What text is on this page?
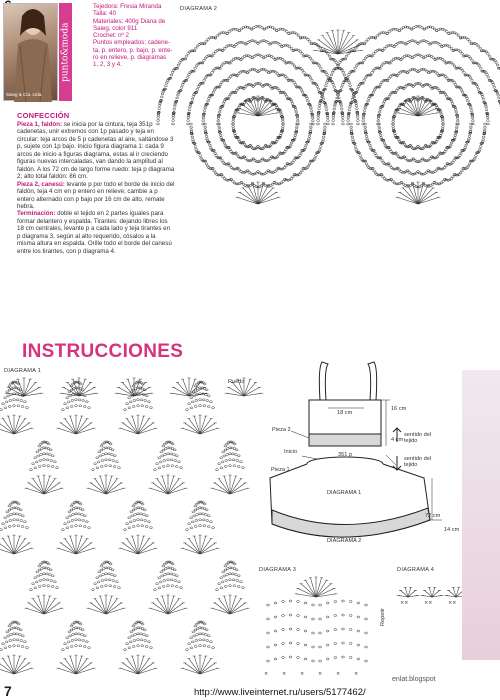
Saieg & Cía. Ltda.
punto&moda
Tejedora: Fresia Miranda
Talla: 40
Materiales: 400g Diana de
Saieg, color 911
Crochet: nº 2
Puntos empleados: cadene-
ta, p. entero, p. bajo, p. ente-
ro en relieve, p. diagramas
1, 2, 3 y 4.
CONFECCIÓN

Pieza 1, faldón: se inicia por la cintura, teja 351p cadenetas, unir extremos con 1p pasado y teja en circular: teja arcos de 5 p cadenetas al aire, saltándose 3 p, sujete con 1p bajo. Inicio figura diagrama 1: cada 9 arcos de inicio a figuras diagrama, estas al ir creciendo figuras nuevas intercaladas, van dando la amplitud al faldón. A los 72 cm de largo forme ruedo: teja p diagrama 2; alto total faldón: 86 cm.

Pieza 2, canesú: levante p por todo el borde de inicio del faldón, teja 4 cm en p entero en relieve; cambie a p entero alternado con p bajo por 16 cm de alto, remate hebra.

Terminación: doble el tejido en 2 partes iguales para formar delantero y espalda. Tirantes: dejando libres los 18 cm centrales, levante p a cada lado y teja tirantes en p diagrama 3, según al alto requerido, cósalos a la misma altura en espalda. Orille todo el borde del canesú entre los tirantes, con p diagrama 4.

DIAGRAMA 2
INSTRUCCIONES
DIAGRAMA 1
Ruedo
18 cm
16 cm
4 cm
Pieza 2
Inicio	351 p
Pieza 1
sentido del tejido
sentido del tejido
DIAGRAMA 1
DIAGRAMA 2
72 cm
14 cm
DIAGRAMA 3
×	×	×	×	×	×
Repetir
DIAGRAMA 4
××	××	××
7
enlat.blogspot
http://www.liveinternet.ru/users/5177462/
